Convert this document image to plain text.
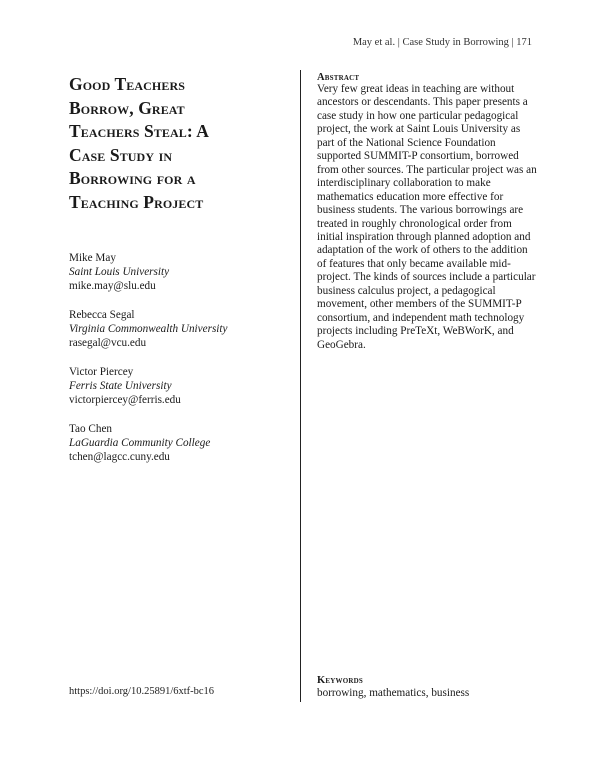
May et al. | Case Study in Borrowing | 171
Good Teachers
Borrow, Great
Teachers Steal: A
Case Study in
Borrowing for a
Teaching Project
Mike May
Saint Louis University
mike.may@slu.edu
Rebecca Segal
Virginia Commonwealth University
rasegal@vcu.edu
Victor Piercey
Ferris State University
victorpiercey@ferris.edu
Tao Chen
LaGuardia Community College
tchen@lagcc.cuny.edu
Abstract

Very few great ideas in teaching are without ancestors or descendants. This paper presents a case study in how one particular pedagogical project, the work at Saint Louis University as part of the National Science Foundation supported SUMMIT-P consortium, borrowed from other sources. The particular project was an interdisciplinary collaboration to make mathematics education more effective for business students. The various borrowings are treated in roughly chronological order from initial inspiration through planned adoption and adaptation of the work of others to the addition of features that only became available mid-project. The kinds of sources include a particular business calculus project, a pedagogical movement, other members of the SUMMIT-P consortium, and independent math technology projects including PreTeXt, WeBWorK, and GeoGebra.

Keywords
borrowing, mathematics, business
https://doi.org/10.25891/6xtf-bc16
